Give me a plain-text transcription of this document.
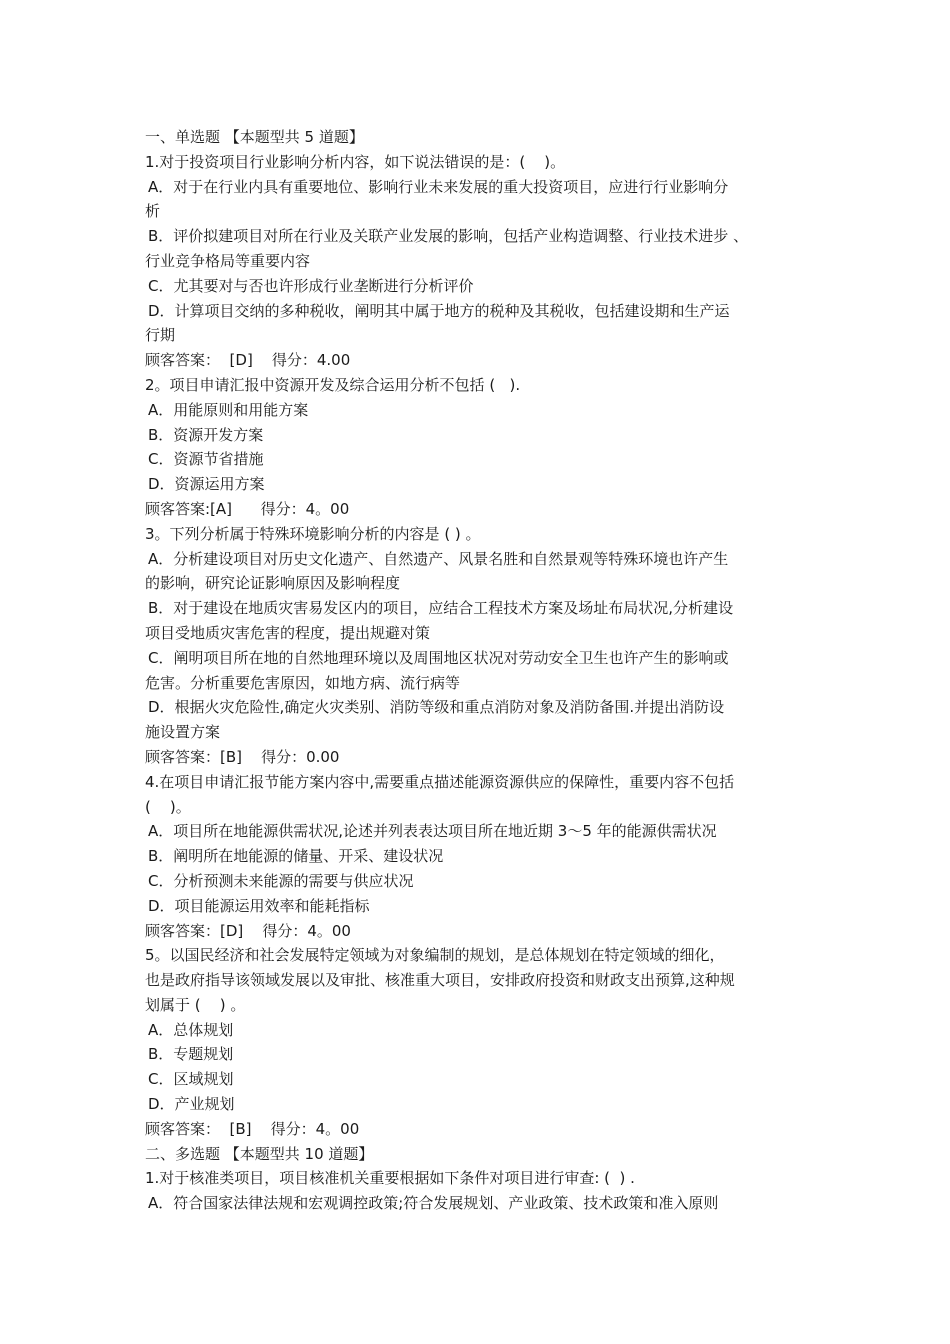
一、单选题 【本题型共 5 道题】

1.对于投资项目行业影响分析内容，如下说法错误的是：(    )。

A．对于在行业内具有重要地位、影响行业未来发展的重大投资项目，应进行行业影响分

析

B．评价拟建项目对所在行业及关联产业发展的影响，包括产业构造调整、行业技术进步 、

行业竞争格局等重要内容

C．尤其要对与否也许形成行业垄断进行分析评价

D．计算项目交纳的多种税收，阐明其中属于地方的税种及其税收，包括建设期和生产运

行期

顾客答案：  [D]    得分：4.00

2。项目申请汇报中资源开发及综合运用分析不包括 (   ).

A．用能原则和用能方案

B．资源开发方案

C．资源节省措施

D．资源运用方案

顾客答案:[A]      得分：4。00

3。下列分析属于特殊环境影响分析的内容是 ( ) 。

A．分析建设项目对历史文化遗产、自然遗产、风景名胜和自然景观等特殊环境也许产生

的影响，研究论证影响原因及影响程度

B．对于建设在地质灾害易发区内的项目，应结合工程技术方案及场址布局状况,分析建设

项目受地质灾害危害的程度，提出规避对策

C．阐明项目所在地的自然地理环境以及周围地区状况对劳动安全卫生也许产生的影响或

危害。分析重要危害原因，如地方病、流行病等

D．根据火灾危险性,确定火灾类别、消防等级和重点消防对象及消防备围.并提出消防设

施设置方案

顾客答案：[B]    得分：0.00

4.在项目申请汇报节能方案内容中,需要重点描述能源资源供应的保障性，重要内容不包括

(    )。

A．项目所在地能源供需状况,论述并列表表达项目所在地近期 3～5 年的能源供需状况

B．阐明所在地能源的储量、开采、建设状况

C．分析预测未来能源的需要与供应状况

D．项目能源运用效率和能耗指标

顾客答案：[D]    得分：4。00

5。以国民经济和社会发展特定领域为对象编制的规划，是总体规划在特定领域的细化，

也是政府指导该领域发展以及审批、核准重大项目，安排政府投资和财政支出预算,这种规

划属于 (    ) 。

A．总体规划

B．专题规划

C．区域规划

D．产业规划

顾客答案：  [B]    得分：4。00

二、多选题 【本题型共 10 道题】

1.对于核准类项目，项目核准机关重要根据如下条件对项目进行审查: (  ) .

A．符合国家法律法规和宏观调控政策;符合发展规划、产业政策、技术政策和准入原则
